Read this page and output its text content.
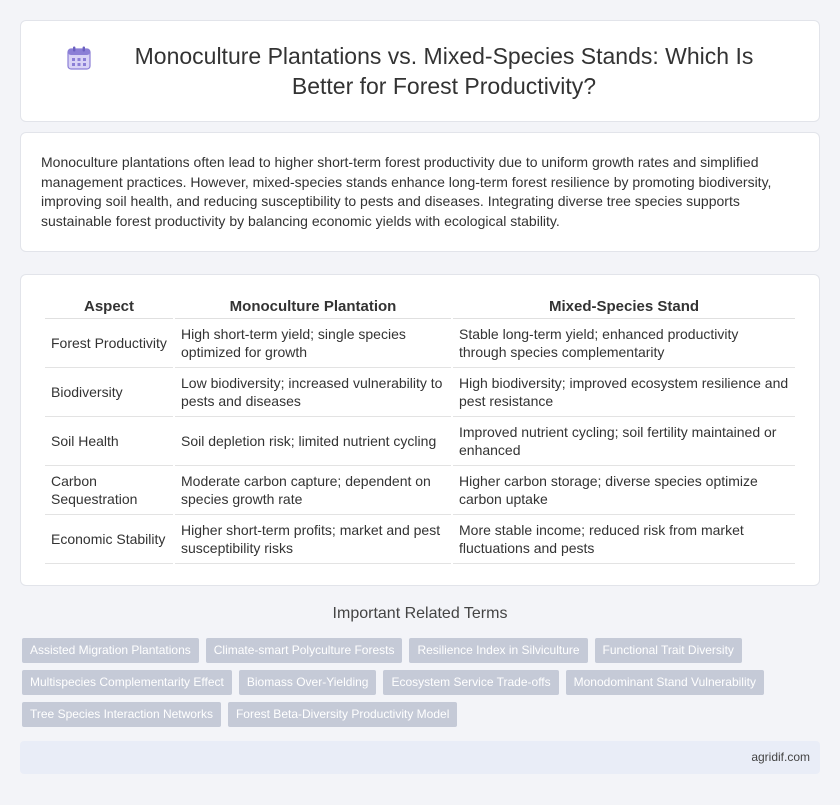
Monoculture Plantations vs. Mixed-Species Stands: Which Is Better for Forest Productivity?

Monoculture plantations often lead to higher short-term forest productivity due to uniform growth rates and simplified management practices. However, mixed-species stands enhance long-term forest resilience by promoting biodiversity, improving soil health, and reducing susceptibility to pests and diseases. Integrating diverse tree species supports sustainable forest productivity by balancing economic yields with ecological stability.

Aspect	Monoculture Plantation	Mixed-Species Stand
Forest Productivity	High short-term yield; single species optimized for growth	Stable long-term yield; enhanced productivity through species complementarity
Biodiversity	Low biodiversity; increased vulnerability to pests and diseases	High biodiversity; improved ecosystem resilience and pest resistance
Soil Health	Soil depletion risk; limited nutrient cycling	Improved nutrient cycling; soil fertility maintained or enhanced
Carbon Sequestration	Moderate carbon capture; dependent on species growth rate	Higher carbon storage; diverse species optimize carbon uptake
Economic Stability	Higher short-term profits; market and pest susceptibility risks	More stable income; reduced risk from market fluctuations and pests
Important Related Terms
Assisted Migration Plantations	Climate-smart Polyculture Forests	Resilience Index in Silviculture	Functional Trait Diversity
Multispecies Complementarity Effect	Biomass Over-Yielding	Ecosystem Service Trade-offs	Monodominant Stand Vulnerability
Tree Species Interaction Networks	Forest Beta-Diversity Productivity Model
agridif.com
